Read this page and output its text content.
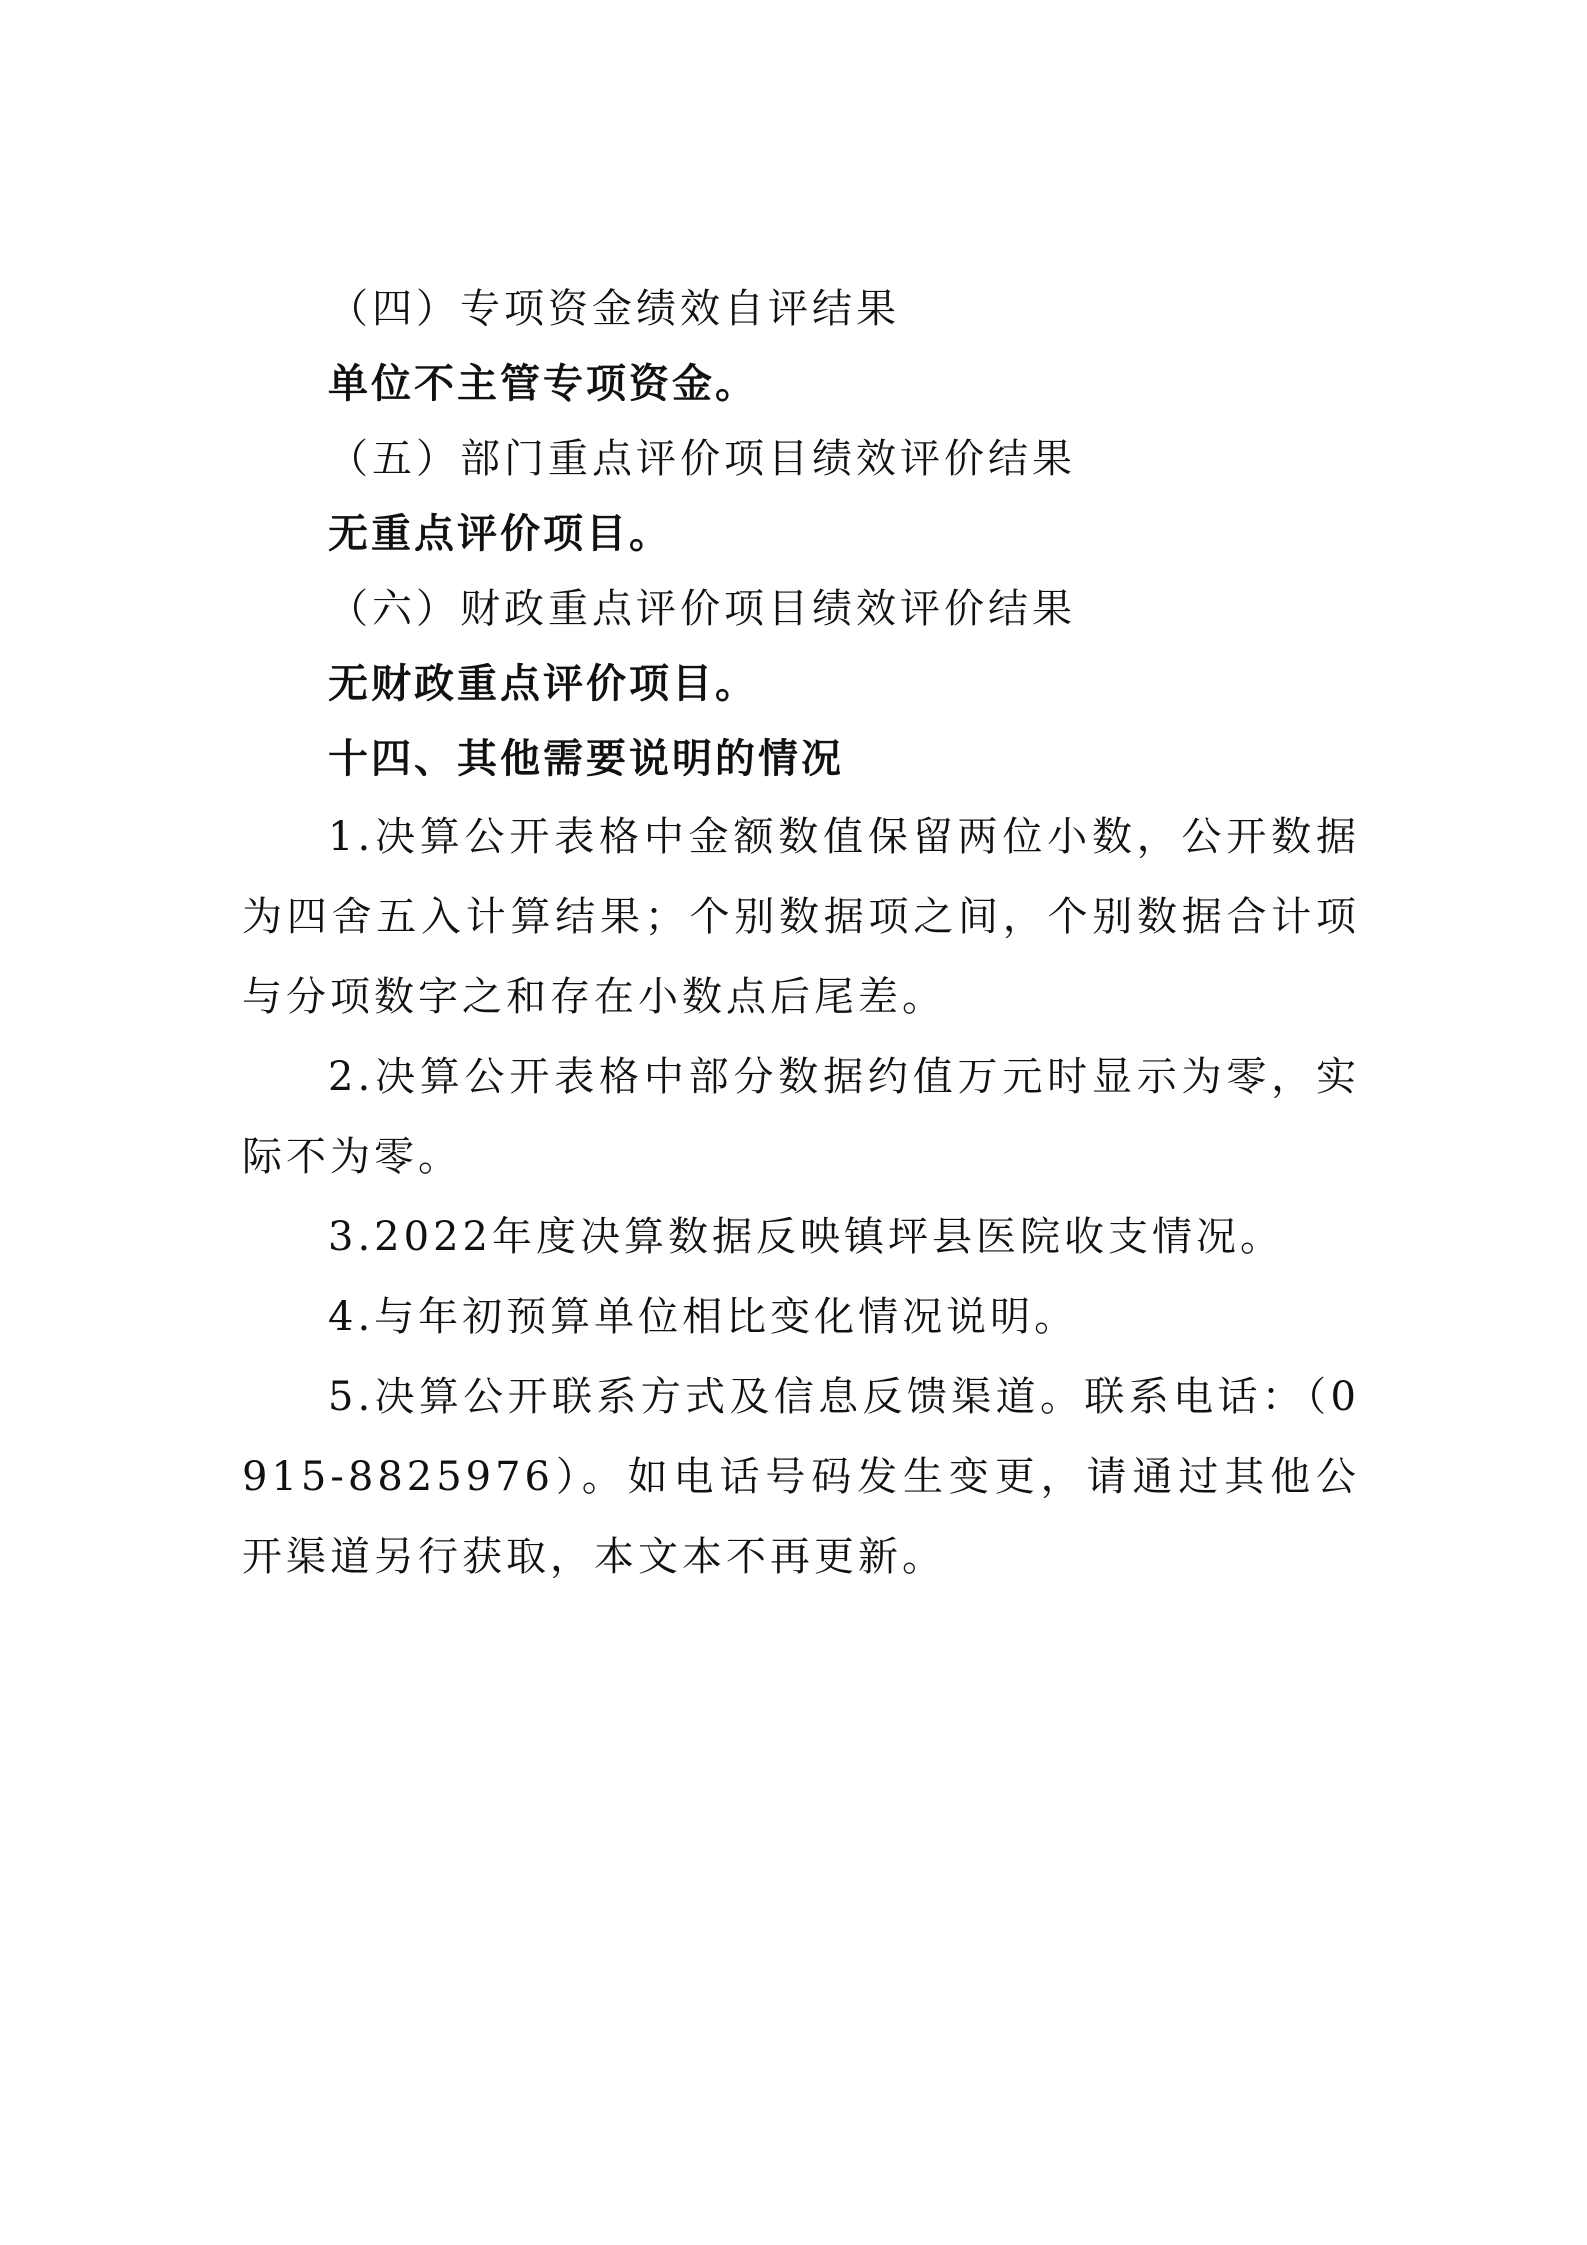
（四）专项资金绩效自评结果
单位不主管专项资金。
（五）部门重点评价项目绩效评价结果
无重点评价项目。
（六）财政重点评价项目绩效评价结果
无财政重点评价项目。
十四、其他需要说明的情况
1.决算公开表格中金额数值保留两位小数，公开数据为四舍五入计算结果；个别数据项之间，个别数据合计项与分项数字之和存在小数点后尾差。
2.决算公开表格中部分数据约值万元时显示为零，实际不为零。
3.2022年度决算数据反映镇坪县医院收支情况。
4.与年初预算单位相比变化情况说明。
5.决算公开联系方式及信息反馈渠道。联系电话：（0915-8825976）。如电话号码发生变更，请通过其他公开渠道另行获取，本文本不再更新。
